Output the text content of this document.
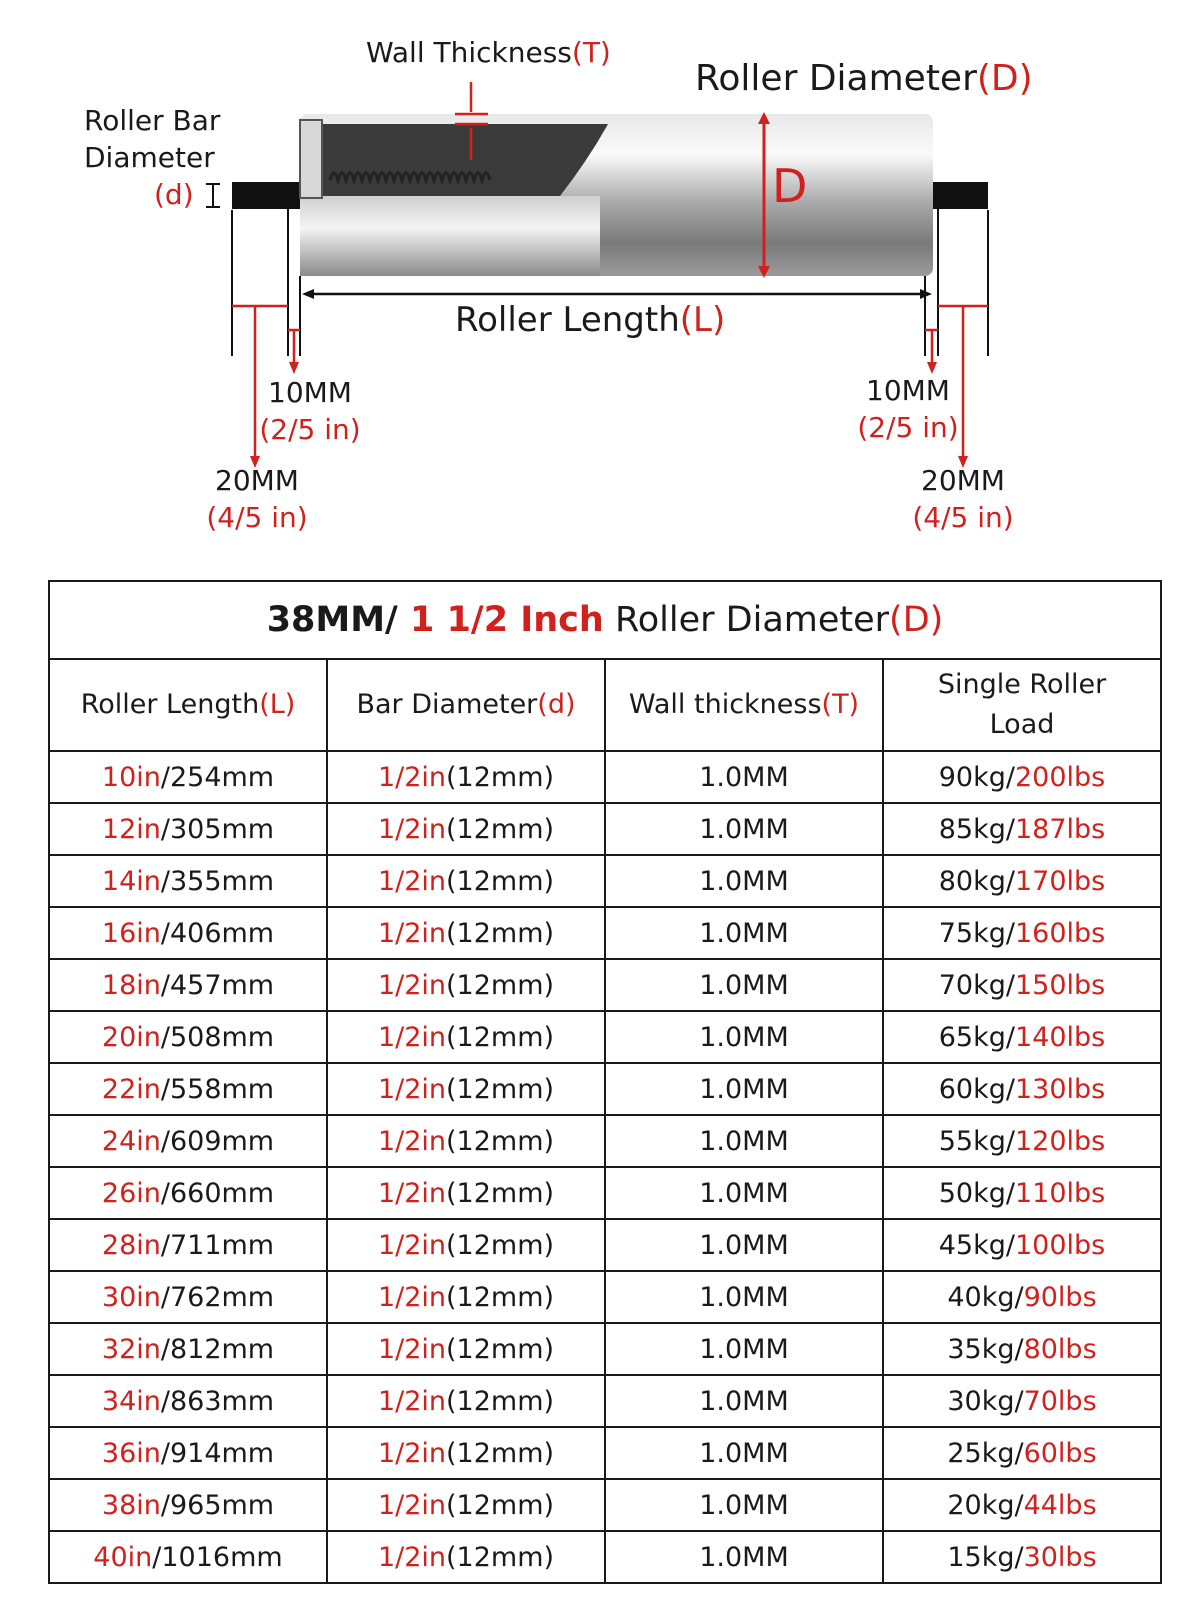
Wall Thickness(T)
Roller Diameter(D)
Roller Bar
Diameter
(d)	D
Roller Length(L)
10MM
(2/5 in)
20MM
(4/5 in)
10MM
(2/5 in)
20MM
(4/5 in)
38MM/ 1 1/2 Inch Roller Diameter(D)			
Roller Length(L)	Bar Diameter(d)	Wall thickness(T)	Single Roller
Load

10in/254mm	1/2in(12mm)	1.0MM	90kg/200lbs
12in/305mm	1/2in(12mm)	1.0MM	85kg/187lbs
14in/355mm	1/2in(12mm)	1.0MM	80kg/170lbs
16in/406mm	1/2in(12mm)	1.0MM	75kg/160lbs
18in/457mm	1/2in(12mm)	1.0MM	70kg/150lbs
20in/508mm	1/2in(12mm)	1.0MM	65kg/140lbs
22in/558mm	1/2in(12mm)	1.0MM	60kg/130lbs
24in/609mm	1/2in(12mm)	1.0MM	55kg/120lbs
26in/660mm	1/2in(12mm)	1.0MM	50kg/110lbs
28in/711mm	1/2in(12mm)	1.0MM	45kg/100lbs
30in/762mm	1/2in(12mm)	1.0MM	40kg/90lbs
32in/812mm	1/2in(12mm)	1.0MM	35kg/80lbs
34in/863mm	1/2in(12mm)	1.0MM	30kg/70lbs
36in/914mm	1/2in(12mm)	1.0MM	25kg/60lbs
38in/965mm	1/2in(12mm)	1.0MM	20kg/44lbs
40in/1016mm	1/2in(12mm)	1.0MM	15kg/30lbs
